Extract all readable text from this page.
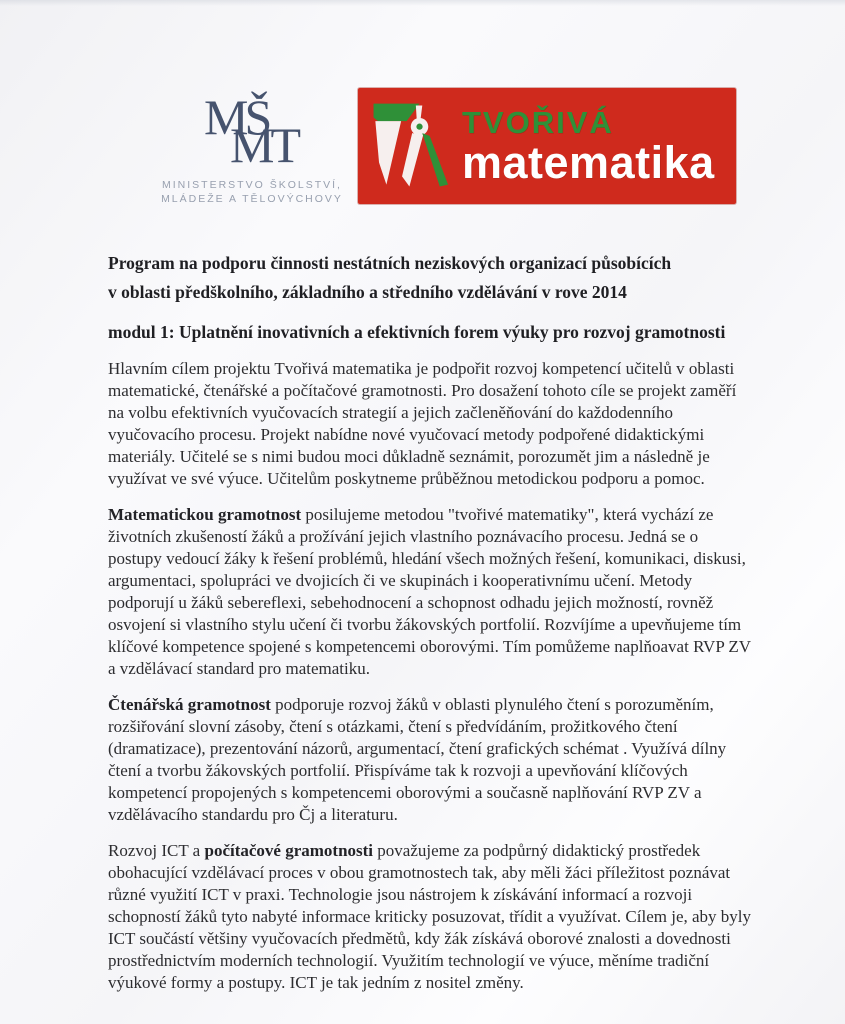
MŠ
MT
MINISTERSTVO ŠKOLSTVÍ,
MLÁDEŽE A TĚLOVÝCHOVY
TVOŘIVÁ
matematika
Program na podporu činnosti nestátních neziskových organizací působících
v oblasti předškolního, základního a středního vzdělávání v rove 2014
modul 1: Uplatnění inovativních a efektivních forem výuky pro rozvoj gramotnosti

Hlavním cílem projektu Tvořivá matematika je podpořit rozvoj kompetencí učitelů v oblasti matematické, čtenářské a počítačové gramotnosti. Pro dosažení tohoto cíle se projekt zaměří na volbu efektivních vyučovacích strategií a jejich začleněňování do každodenního vyučovacího procesu. Projekt nabídne nové vyučovací metody podpořené didaktickými materiály. Učitelé se s nimi budou moci důkladně seznámit, porozumět jim a následně je využívat ve své výuce. Učitelům poskytneme průběžnou metodickou podporu a pomoc.

Matematickou gramotnost posilujeme metodou "tvořivé matematiky", která vychází ze životních zkušeností žáků a prožívání jejich vlastního poznávacího procesu. Jedná se o postupy vedoucí žáky k řešení problémů, hledání všech možných řešení, komunikaci, diskusi, argumentaci, spolupráci ve dvojicích či ve skupinách i kooperativnímu učení. Metody podporují u žáků sebereflexi, sebehodnocení a schopnost odhadu jejich možností, rovněž osvojení si vlastního stylu učení či tvorbu žákovských portfolií. Rozvíjíme a upevňujeme tím klíčové kompetence spojené s kompetencemi oborovými. Tím pomůžeme naplňoavat RVP ZV a vzdělávací standard pro matematiku.

Čtenářská gramotnost podporuje rozvoj žáků v oblasti plynulého čtení s porozuměním, rozšiřování slovní zásoby, čtení s otázkami, čtení s předvídáním, prožitkového čtení (dramatizace), prezentování názorů, argumentací, čtení grafických schémat . Využívá dílny čtení a tvorbu žákovských portfolií. Přispíváme tak k rozvoji a upevňování klíčových kompetencí propojených s kompetencemi oborovými a současně naplňování RVP ZV a vzdělávacího standardu pro Čj a literaturu.

Rozvoj ICT a počítačové gramotnosti považujeme za podpůrný didaktický prostředek obohacující vzdělávací proces v obou gramotnostech tak, aby měli žáci příležitost poznávat různé využití ICT v praxi. Technologie jsou nástrojem k získávání informací a rozvoji schopností žáků tyto nabyté informace kriticky posuzovat, třídit a využívat. Cílem je, aby byly ICT součástí většiny vyučovacích předmětů, kdy žák získává oborové znalosti a dovednosti prostřednictvím moderních technologií. Využitím technologií ve výuce, měníme tradiční výukové formy a postupy. ICT je tak jedním z nositel změny.
